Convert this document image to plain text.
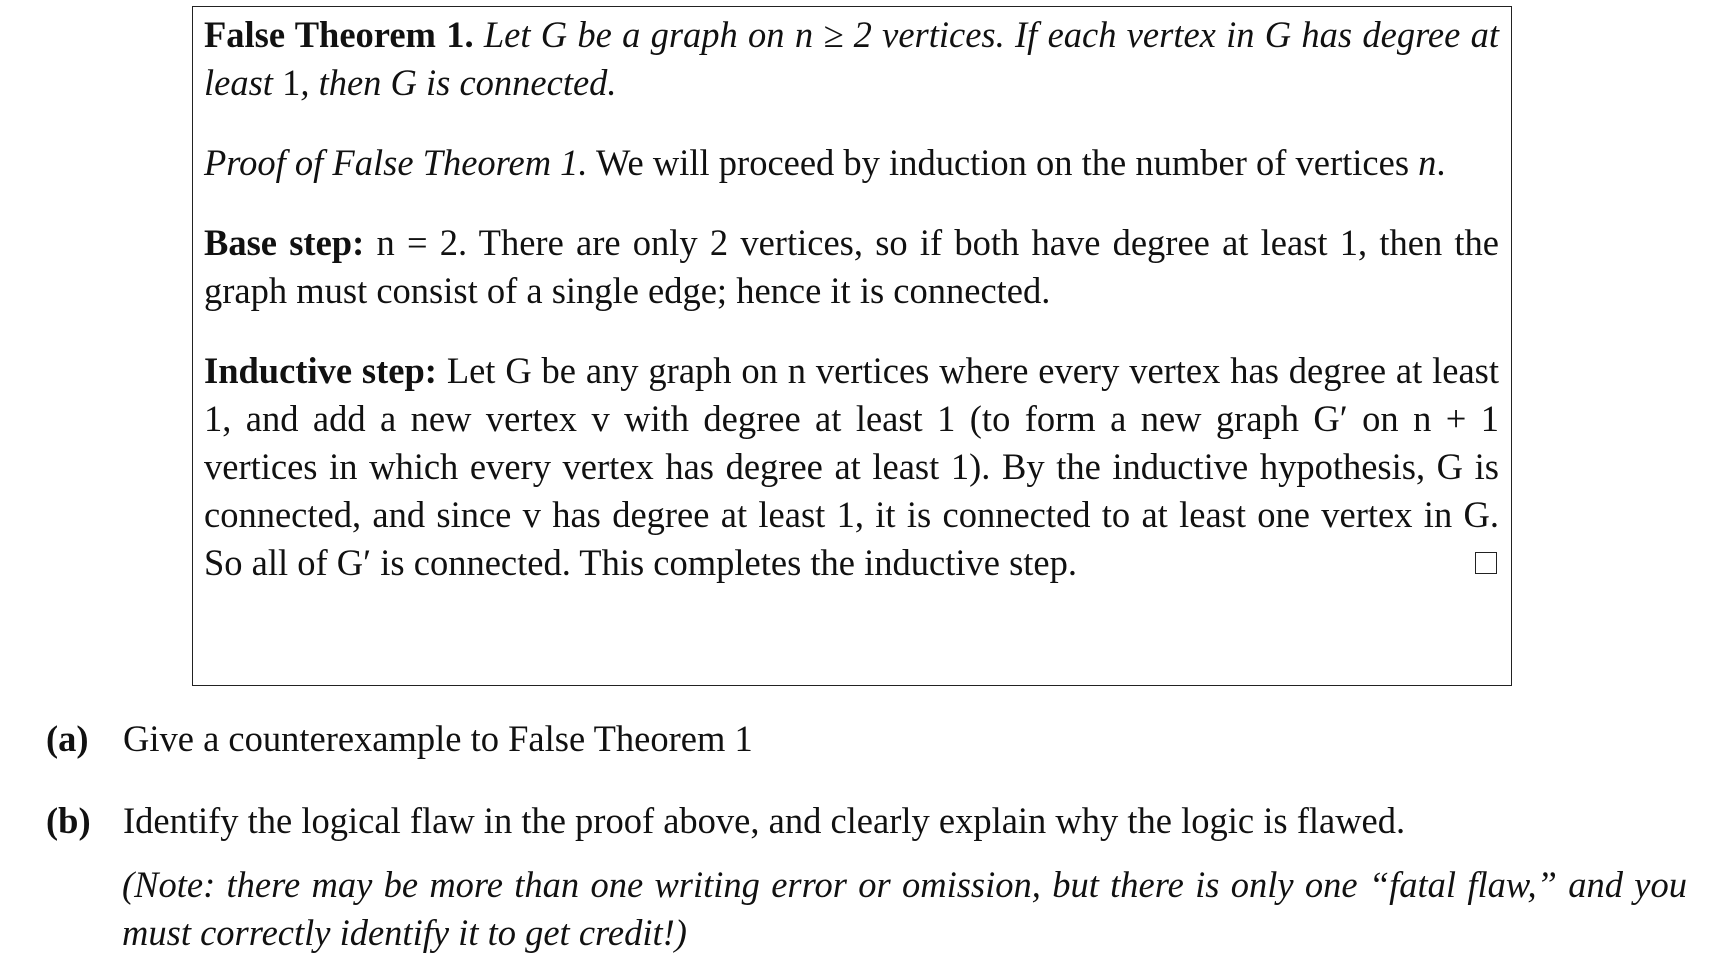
False Theorem 1. Let G be a graph on n ≥ 2 vertices. If each vertex in G has degree at least 1, then G is connected.

Proof of False Theorem 1. We will proceed by induction on the number of vertices n.

Base step: n = 2. There are only 2 vertices, so if both have degree at least 1, then the graph must consist of a single edge; hence it is connected.

Inductive step: Let G be any graph on n vertices where every vertex has degree at least 1, and add a new vertex v with degree at least 1 (to form a new graph G′ on n + 1 vertices in which every vertex has degree at least 1). By the inductive hypothesis, G is connected, and since v has degree at least 1, it is connected to at least one vertex in G. So all of G′ is connected. This completes the inductive step.

(a) Give a counterexample to False Theorem 1
(b) Identify the logical flaw in the proof above, and clearly explain why the logic is flawed.
(Note: there may be more than one writing error or omission, but there is only one “fatal flaw,” and you must correctly identify it to get credit!)
